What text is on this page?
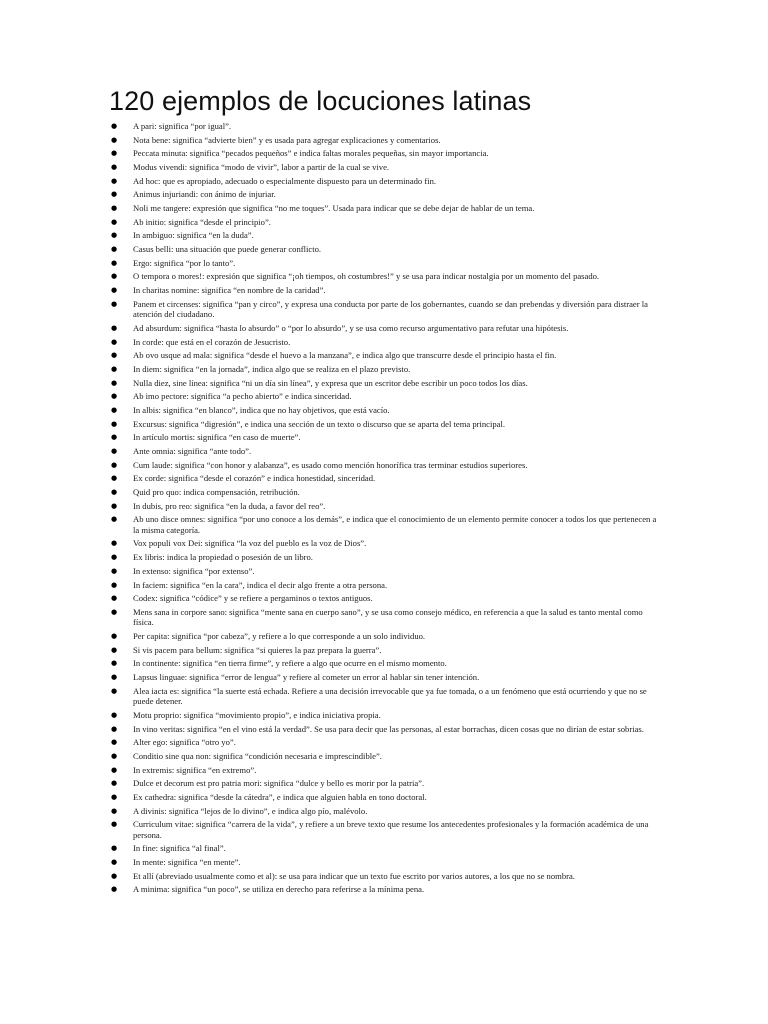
120 ejemplos de locuciones latinas
● A pari: significa “por igual”.
● Nota bene: significa “advierte bien” y es usada para agregar explicaciones y comentarios.
● Peccata minuta: significa “pecados pequeños” e indica faltas morales pequeñas, sin mayor importancia.
● Modus vivendi: significa “modo de vivir”, labor a partir de la cual se vive.
● Ad hoc: que es apropiado, adecuado o especialmente dispuesto para un determinado fin.
● Animus injuriandi: con ánimo de injuriar.
● Noli me tangere: expresión que significa “no me toques”. Usada para indicar que se debe dejar de hablar de un tema.
● Ab initio: significa “desde el principio”.
● In ambiguo: significa “en la duda”.
● Casus belli: una situación que puede generar conflicto.
● Ergo: significa “por lo tanto”.
● O tempora o mores!: expresión que significa “¡oh tiempos, oh costumbres!” y se usa para indicar nostalgia por un momento del pasado.
● In charitas nomine: significa “en nombre de la caridad”.
● Panem et circenses: significa “pan y circo”, y expresa una conducta por parte de los gobernantes, cuando se dan prebendas y diversión para distraer la atención del ciudadano.
● Ad absurdum: significa “hasta lo absurdo” o “por lo absurdo”, y se usa como recurso argumentativo para refutar una hipótesis.
● In corde: que está en el corazón de Jesucristo.
● Ab ovo usque ad mala: significa “desde el huevo a la manzana”, e indica algo que transcurre desde el principio hasta el fin.
● In diem: significa “en la jornada”, indica algo que se realiza en el plazo previsto.
● Nulla diez, sine línea: significa “ni un día sin línea”, y expresa que un escritor debe escribir un poco todos los días.
● Ab imo pectore: significa “a pecho abierto” e indica sinceridad.
● In albis: significa “en blanco”, indica que no hay objetivos, que está vacío.
● Excursus: significa “digresión”, e indica una sección de un texto o discurso que se aparta del tema principal.
● In artículo mortis: significa “en caso de muerte”.
● Ante omnia: significa “ante todo”.
● Cum laude: significa “con honor y alabanza”, es usado como mención honorífica tras terminar estudios superiores.
● Ex corde: significa “desde el corazón” e indica honestidad, sinceridad.
● Quid pro quo: indica compensación, retribución.
● In dubis, pro reo: significa “en la duda, a favor del reo”.
● Ab uno disce omnes: significa “por uno conoce a los demás”, e indica que el conocimiento de un elemento permite conocer a todos los que pertenecen a la misma categoría.
● Vox populi vox Dei: significa “la voz del pueblo es la voz de Dios”.
● Ex libris: indica la propiedad o posesión de un libro.
● In extenso: significa “por extenso”.
● In faciem: significa “en la cara”, indica el decir algo frente a otra persona.
● Codex: significa “códice” y se refiere a pergaminos o textos antiguos.
● Mens sana in corpore sano: significa “mente sana en cuerpo sano”, y se usa como consejo médico, en referencia a que la salud es tanto mental como física.
● Per capita: significa “por cabeza”, y refiere a lo que corresponde a un solo individuo.
● Si vis pacem para bellum: significa “si quieres la paz prepara la guerra”.
● In continente: significa “en tierra firme”, y refiere a algo que ocurre en el mismo momento.
● Lapsus linguae: significa “error de lengua” y refiere al cometer un error al hablar sin tener intención.
● Alea iacta es: significa “la suerte está echada. Refiere a una decisión irrevocable que ya fue tomada, o a un fenómeno que está ocurriendo y que no se puede detener.
● Motu proprio: significa “movimiento propio”, e indica iniciativa propia.
● In vino veritas: significa “en el vino está la verdad”. Se usa para decir que las personas, al estar borrachas, dicen cosas que no dirían de estar sobrias.
● Alter ego: significa “otro yo”.
● Conditio sine qua non: significa “condición necesaria e imprescindible”.
● In extremis: significa “en extremo”.
● Dulce et decorum est pro patria mori: significa “dulce y bello es morir por la patria”.
● Ex cathedra: significa “desde la cátedra”, e indica que alguien habla en tono doctoral.
● A divinis: significa “lejos de lo divino”, e indica algo pío, malévolo.
● Curriculum vitae: significa “carrera de la vida”, y refiere a un breve texto que resume los antecedentes profesionales y la formación académica de una persona.
● In fine: significa “al final”.
● In mente: significa “en mente”.
● Et allí (abreviado usualmente como et al): se usa para indicar que un texto fue escrito por varios autores, a los que no se nombra.
● A minima: significa “un poco”, se utiliza en derecho para referirse a la mínima pena.
